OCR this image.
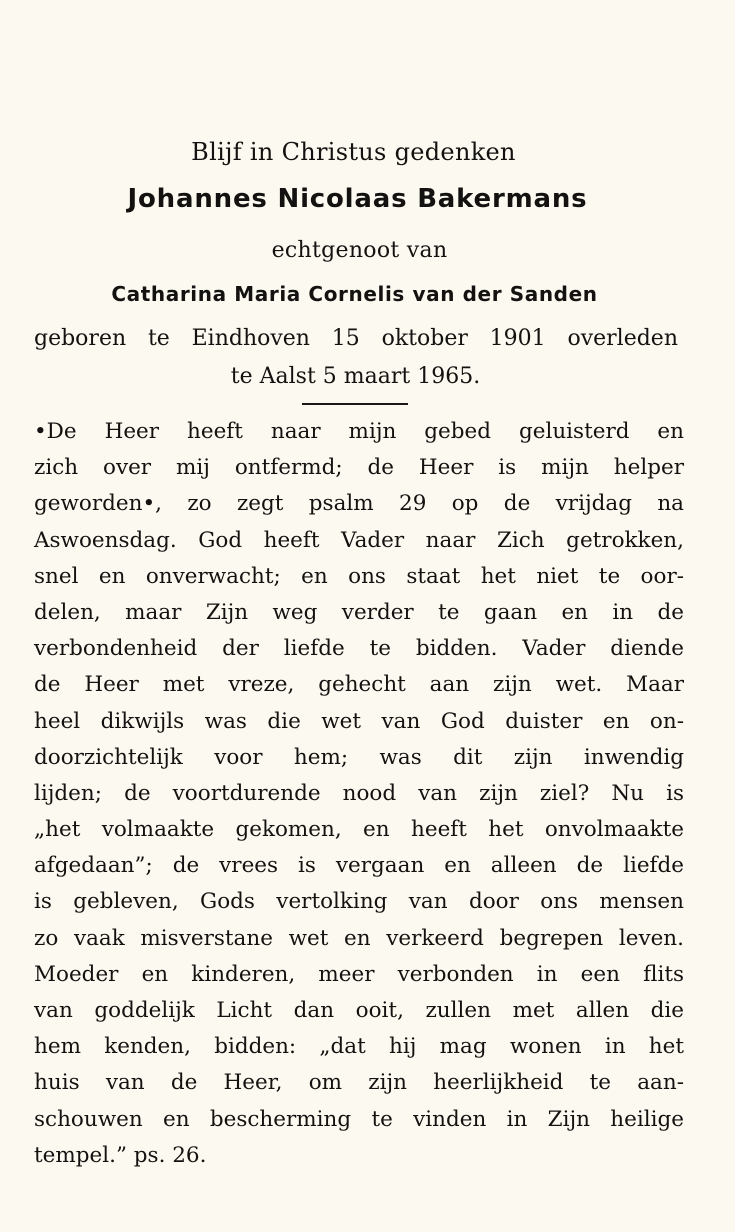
Blijf in Christus gedenken
Johannes Nicolaas Bakermans
echtgenoot van
Catharina Maria Cornelis van der Sanden
geboren te Eindhoven 15 oktober 1901 overleden
te Aalst 5 maart 1965.
•De Heer heeft naar mijn gebed geluisterd en
zich over mij ontfermd; de Heer is mijn helper
geworden•, zo zegt psalm 29 op de vrijdag na
Aswoensdag. God heeft Vader naar Zich getrokken,
snel en onverwacht; en ons staat het niet te oor-
delen, maar Zijn weg verder te gaan en in de
verbondenheid der liefde te bidden. Vader diende
de Heer met vreze, gehecht aan zijn wet. Maar
heel dikwijls was die wet van God duister en on-
doorzichtelijk voor hem; was dit zijn inwendig
lijden; de voortdurende nood van zijn ziel? Nu is
„het volmaakte gekomen, en heeft het onvolmaakte
afgedaan”; de vrees is vergaan en alleen de liefde
is gebleven, Gods vertolking van door ons mensen
zo vaak misverstane wet en verkeerd begrepen leven.
Moeder en kinderen, meer verbonden in een flits
van goddelijk Licht dan ooit, zullen met allen die
hem kenden, bidden: „dat hij mag wonen in het
huis van de Heer, om zijn heerlijkheid te aan-
schouwen en bescherming te vinden in Zijn heilige
tempel.” ps. 26.
